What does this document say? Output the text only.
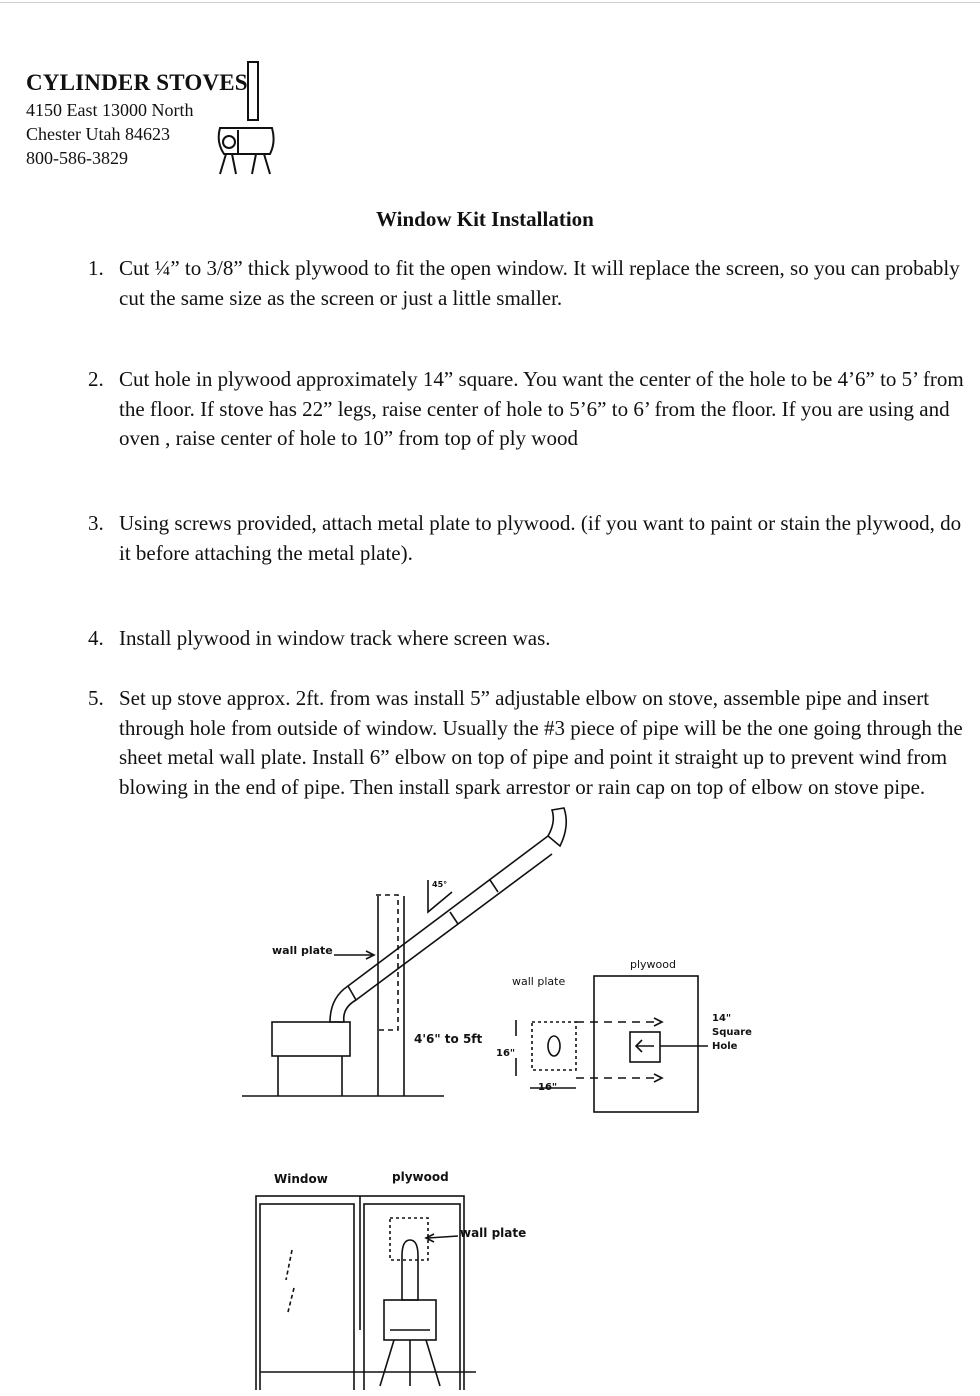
CYLINDER STOVES
4150 East 13000 North
Chester Utah 84623
800-586-3829
Window Kit Installation
1. Cut ¼” to 3/8” thick plywood to fit the open window. It will replace the screen, so you can probably cut the same size as the screen or just a little smaller.
2. Cut hole in plywood approximately 14” square. You want the center of the hole to be 4’6” to 5’ from the floor. If stove has 22” legs, raise center of hole to 5’6” to 6’ from the floor. If you are using and oven , raise center of hole to 10” from top of ply wood
3. Using screws provided, attach metal plate to plywood. (if you want to paint or stain the plywood, do it before attaching the metal plate).
4. Install plywood in window track where screen was.
5. Set up stove approx. 2ft. from was install 5” adjustable elbow on stove, assemble pipe and insert through hole from outside of window. Usually the #3 piece of pipe will be the one going through the sheet metal wall plate. Install 6” elbow on top of pipe and point it straight up to prevent wind from blowing in the end of pipe. Then install spark arrestor or rain cap on top of elbow on stove pipe.
wall plate
45°
4'6" to 5ft
wall plate
16"
16"
plywood
14"
Square
Hole
Window	plywood
wall plate
